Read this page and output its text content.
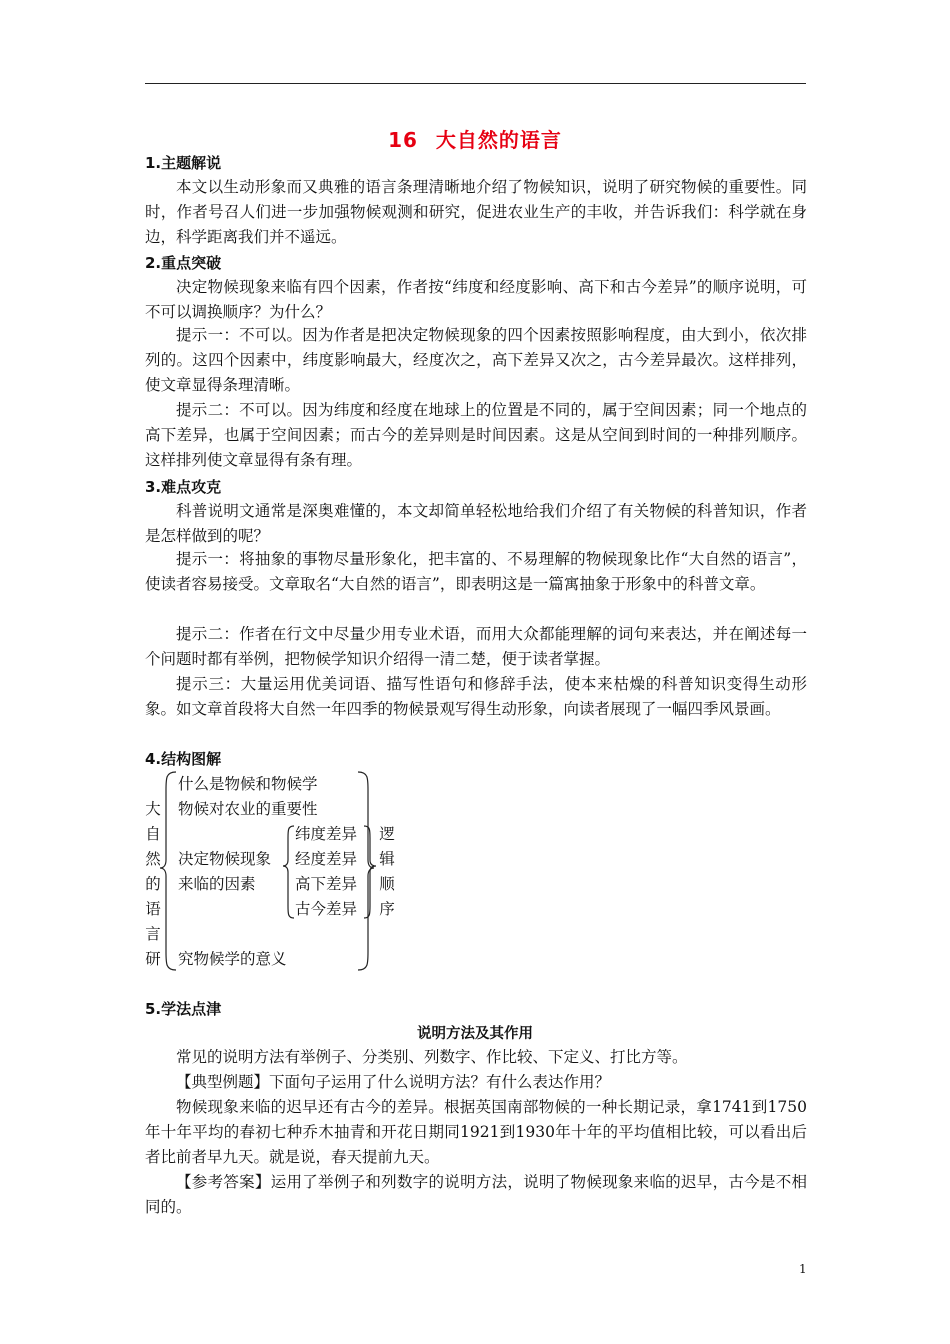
16 大自然的语言
1.主题解说

本文以生动形象而又典雅的语言条理清晰地介绍了物候知识，说明了研究物候的重要性。同时，作者号召人们进一步加强物候观测和研究，促进农业生产的丰收，并告诉我们：科学就在身边，科学距离我们并不遥远。

2.重点突破

决定物候现象来临有四个因素，作者按“纬度和经度影响、高下和古今差异”的顺序说明，可不可以调换顺序？为什么？

提示一：不可以。因为作者是把决定物候现象的四个因素按照影响程度，由大到小，依次排列的。这四个因素中，纬度影响最大，经度次之，高下差异又次之，古今差异最次。这样排列，使文章显得条理清晰。

提示二：不可以。因为纬度和经度在地球上的位置是不同的，属于空间因素；同一个地点的高下差异，也属于空间因素；而古今的差异则是时间因素。这是从空间到时间的一种排列顺序。这样排列使文章显得有条有理。

3.难点攻克

科普说明文通常是深奥难懂的，本文却简单轻松地给我们介绍了有关物候的科普知识，作者是怎样做到的呢？

提示一：将抽象的事物尽量形象化，把丰富的、不易理解的物候现象比作“大自然的语言”，使读者容易接受。文章取名“大自然的语言”，即表明这是一篇寓抽象于形象中的科普文章。

提示二：作者在行文中尽量少用专业术语，而用大众都能理解的词句来表达，并在阐述每一个问题时都有举例，把物候学知识介绍得一清二楚，便于读者掌握。

提示三：大量运用优美词语、描写性语句和修辞手法，使本来枯燥的科普知识变得生动形象。如文章首段将大自然一年四季的物候景观写得生动形象，向读者展现了一幅四季风景画。

4.结构图解
大
自
然
的
语
言
研
什么是物候和物候学
物候对农业的重要性
决定物候现象
来临的因素
究物候学的意义
纬度差异
经度差异
高下差异
古今差异
逻
辑
顺
序
5.学法点津
说明方法及其作用

常见的说明方法有举例子、分类别、列数字、作比较、下定义、打比方等。

【典型例题】下面句子运用了什么说明方法？有什么表达作用？

物候现象来临的迟早还有古今的差异。根据英国南部物候的一种长期记录，拿1741到1750年十年平均的春初七种乔木抽青和开花日期同1921到1930年十年的平均值相比较，可以看出后者比前者早九天。就是说，春天提前九天。

【参考答案】运用了举例子和列数字的说明方法，说明了物候现象来临的迟早，古今是不相同的。

1
